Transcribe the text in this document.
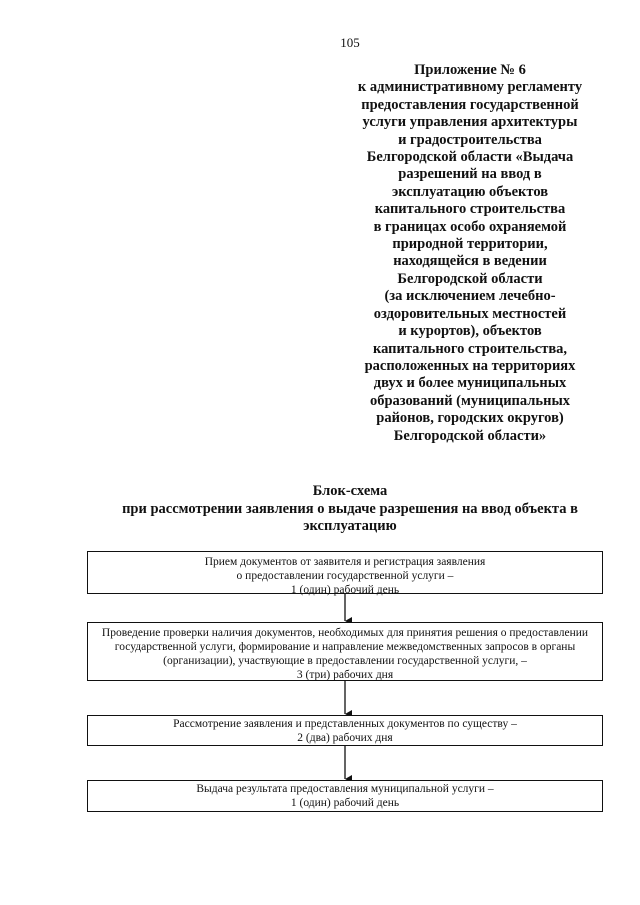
105
Приложение № 6
к административному регламенту
предоставления государственной
услуги управления архитектуры
и градостроительства
Белгородской области «Выдача
разрешений на ввод в
эксплуатацию объектов
капитального строительства
в границах особо охраняемой
природной территории,
находящейся в ведении
Белгородской области
(за исключением лечебно-
оздоровительных местностей
и курортов), объектов
капитального строительства,
расположенных на территориях
двух и более муниципальных
образований (муниципальных
районов, городских округов)
Белгородской области»
Блок-схема
при рассмотрении заявления о выдаче разрешения на ввод объекта в
эксплуатацию
Прием документов от заявителя и регистрация заявления
о предоставлении государственной услуги –
1 (один) рабочий день
Проведение проверки наличия документов, необходимых для принятия решения о предоставлении
государственной услуги, формирование и направление межведомственных запросов в органы
(организации), участвующие в предоставлении государственной услуги, –
3 (три) рабочих дня
Рассмотрение заявления и представленных документов по существу –
2 (два) рабочих дня
Выдача результата предоставления муниципальной услуги –
1 (один) рабочий день
